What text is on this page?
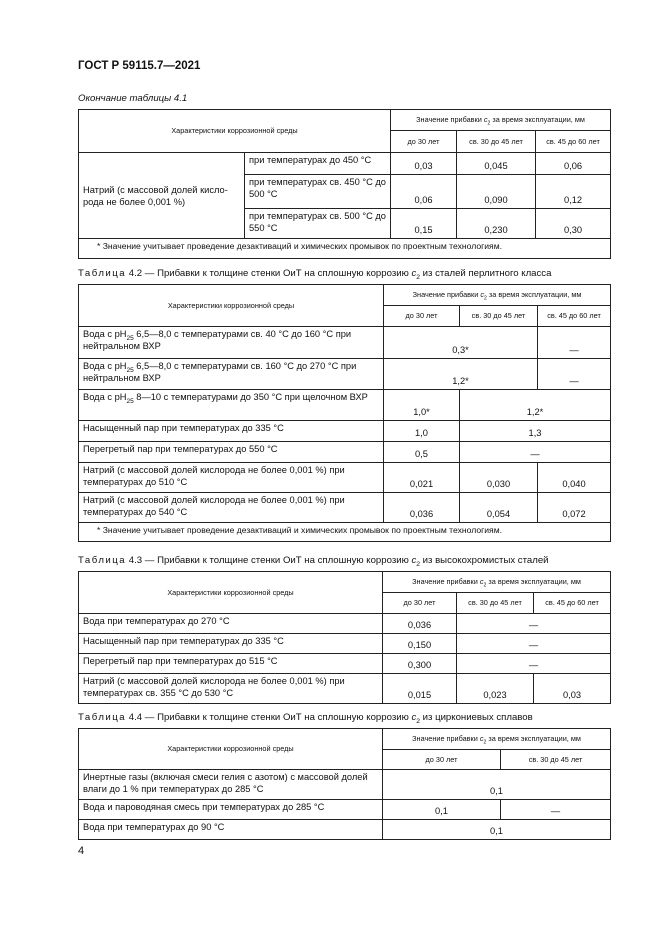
ГОСТ Р 59115.7—2021
Окончание таблицы 4.1
Характеристики коррозионной среды		Значение прибавки $c_2$ за время эксплуатации, мм		
		до 30 лет	св. 30 до 45 лет	св. 45 до 60 лет
Натрий (с массовой долей кислорода не более 0,001 %)	при температурах до 450 °С	0,03	0,045	0,06
	при температурах св. 450 °С до 500 °С	0,06	0,090	0,12
	при температурах св. 500 °С до 550 °С	0,15	0,230	0,30
* Значение учитывает проведение дезактиваций и химических промывок по проектным технологиям.				
Таблица 4.2 — Прибавки к толщине стенки ОиТ на сплошную коррозию $c_2$ из сталей перлитного класса
Характеристики коррозионной среды	Значение прибавки $c_2$ за время эксплуатации, мм		
	до 30 лет	св. 30 до 45 лет	св. 45 до 60 лет
Вода с $рН_{25}$ 6,5—8,0 с температурами св. 40 °С до 160 °С при нейтральном ВХР	0,3*		—
Вода с $рН_{25}$ 6,5—8,0 с температурами св. 160 °С до 270 °С при нейтральном ВХР	1,2*		—
Вода с $рН_{25}$ 8—10 с температурами до 350 °С при щелочном ВХР	1,0*	1,2*	
Насыщенный пар при температурах до 335 °С	1,0	1,3	
Перегретый пар при температурах до 550 °С	0,5	—	
Натрий (с массовой долей кислорода не более 0,001 %) при температурах до 510 °С	0,021	0,030	0,040
Натрий (с массовой долей кислорода не более 0,001 %) при температурах до 540 °С	0,036	0,054	0,072
* Значение учитывает проведение дезактиваций и химических промывок по проектным технологиям.			
Таблица 4.3 — Прибавки к толщине стенки ОиТ на сплошную коррозию $c_2$ из высокохромистых сталей
Характеристики коррозионной среды	Значение прибавки $c_2$ за время эксплуатации, мм		
	до 30 лет	св. 30 до 45 лет	св. 45 до 60 лет
Вода при температурах до 270 °С	0,036	—	
Насыщенный пар при температурах до 335 °С	0,150	—	
Перегретый пар при температурах до 515 °С	0,300	—	
Натрий (с массовой долей кислорода не более 0,001 %) при температурах св. 355 °С до 530 °С	0,015	0,023	0,03
Таблица 4.4 — Прибавки к толщине стенки ОиТ на сплошную коррозию $c_2$ из циркониевых сплавов
Характеристики коррозионной среды	Значение прибавки $c_2$ за время эксплуатации, мм	
	до 30 лет	св. 30 до 45 лет
Инертные газы (включая смеси гелия с азотом) с массовой долей влаги до 1 % при температурах до 285 °С	0,1	
Вода и пароводяная смесь при температурах до 285 °С	0,1	—
Вода при температурах до 90 °С	0,1	
4
